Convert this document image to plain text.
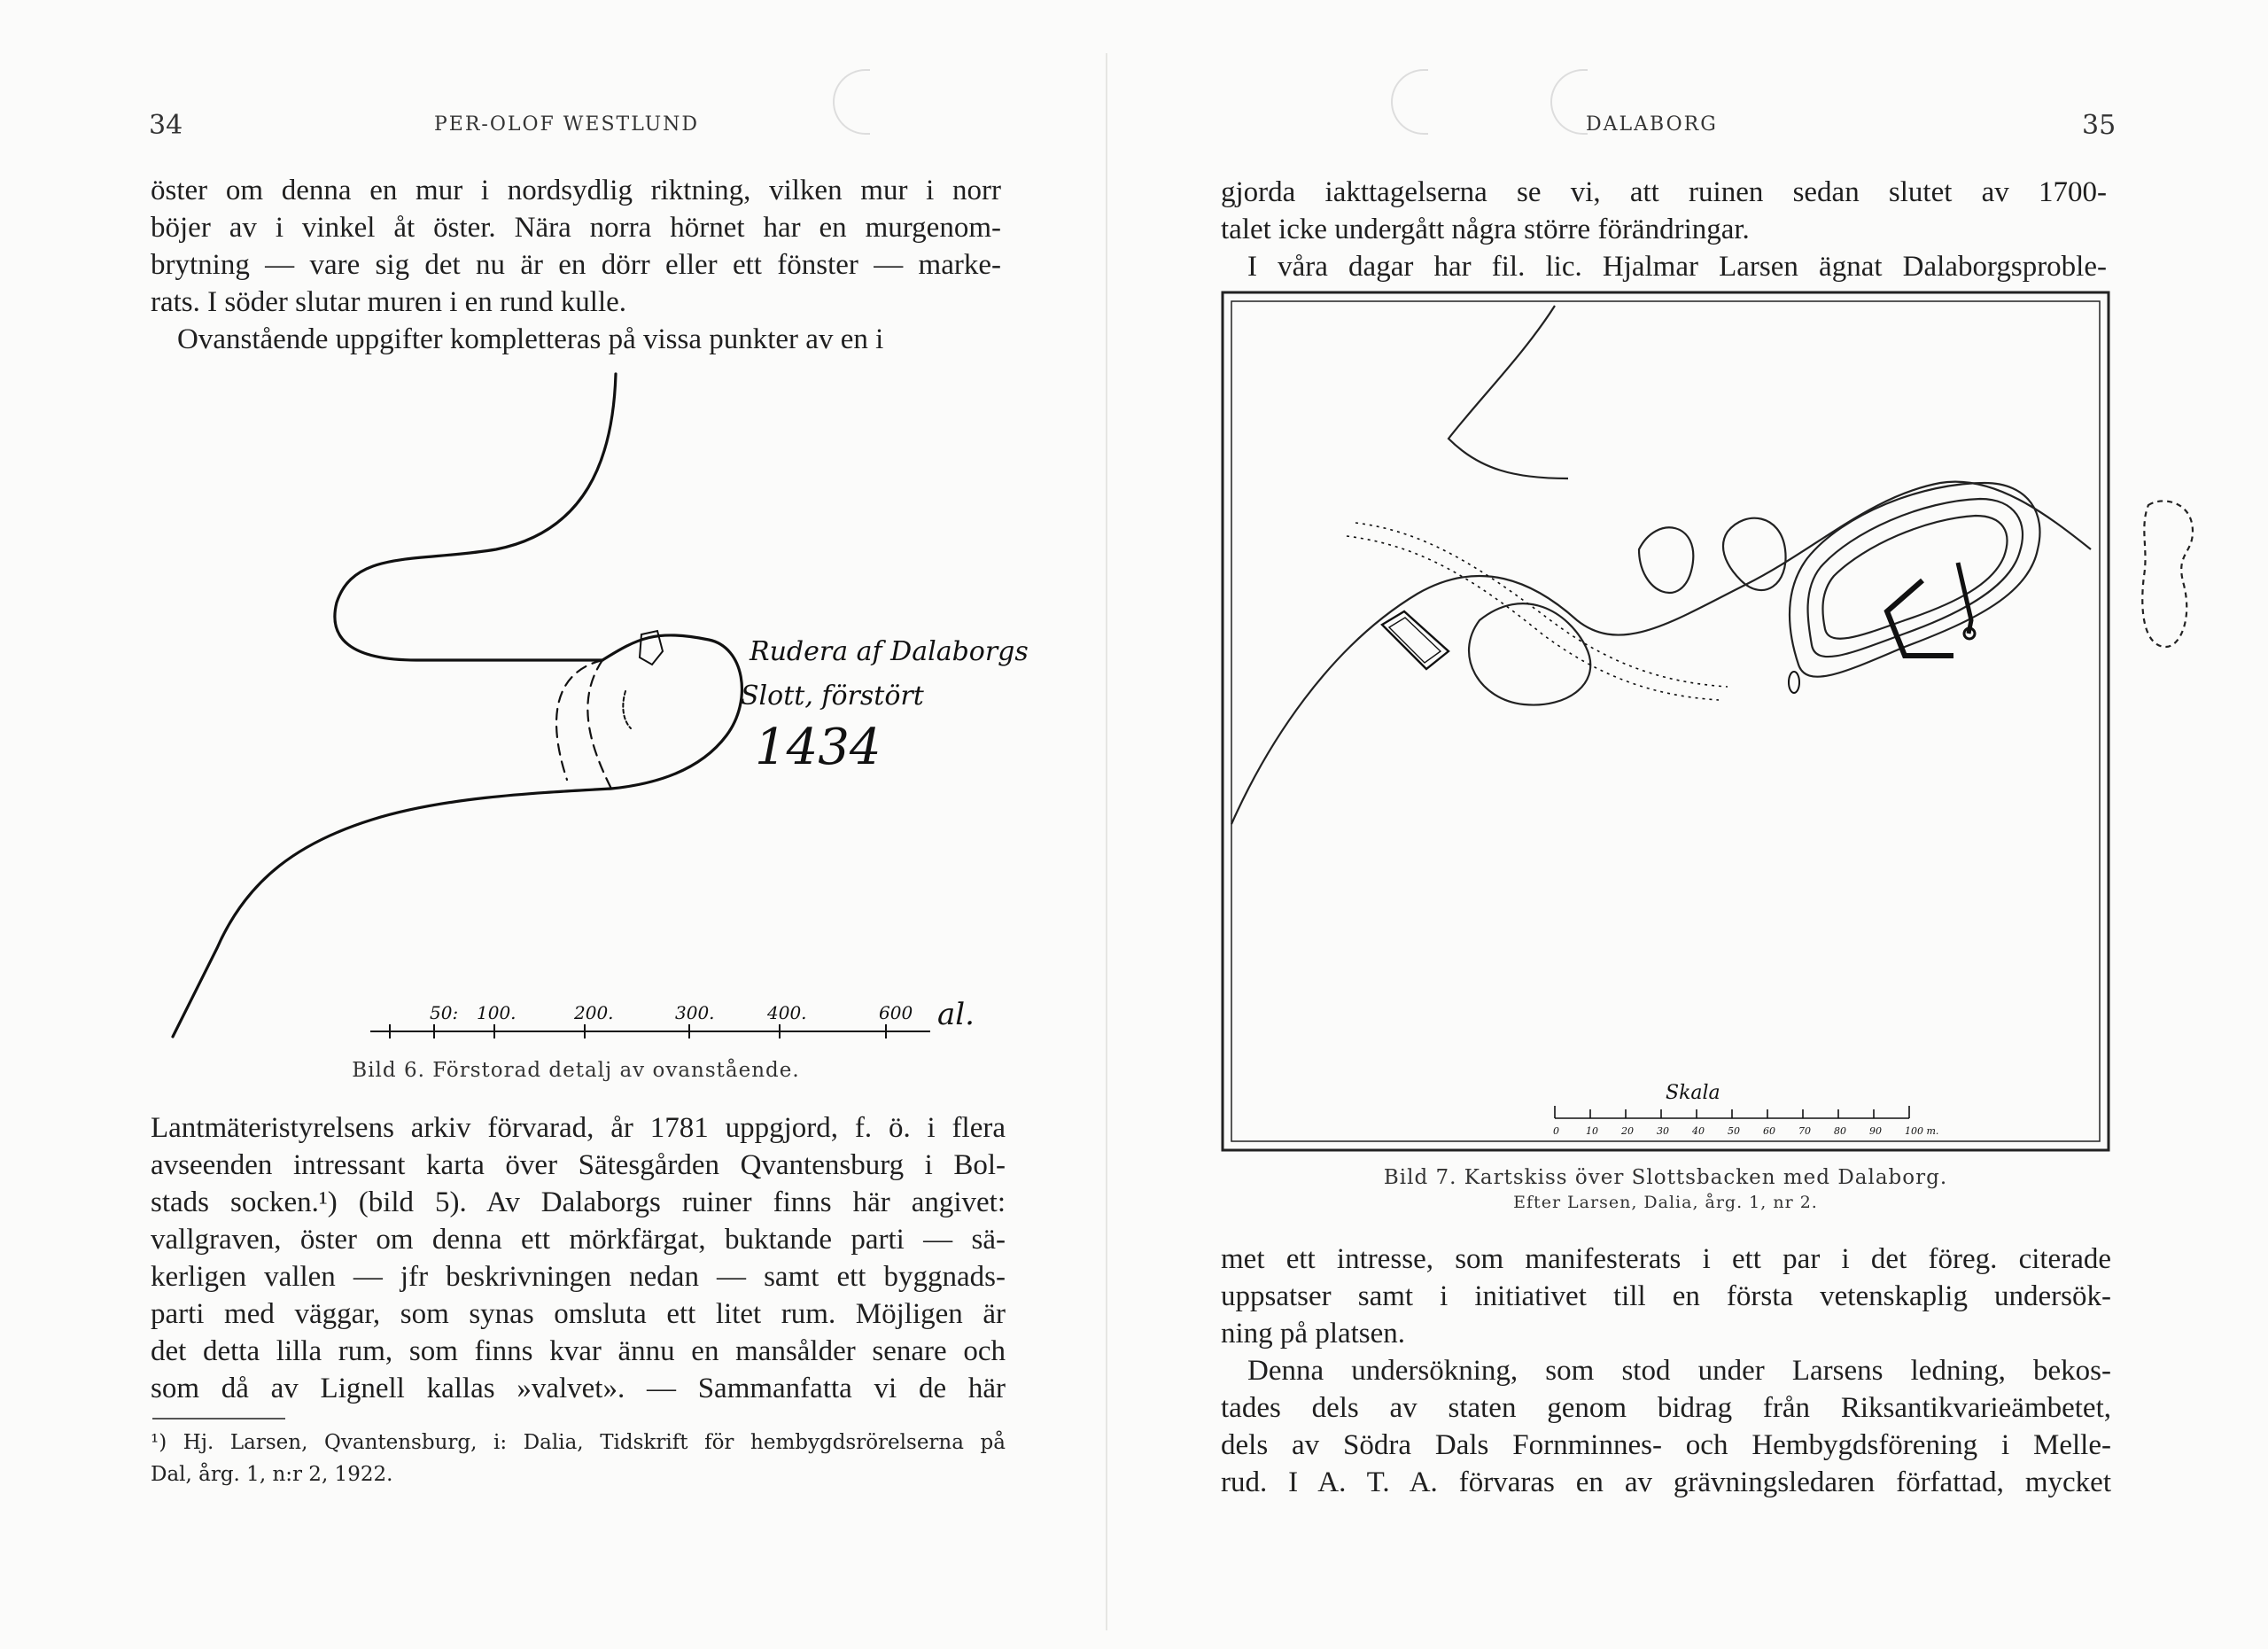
34	PER-OLOF WESTLUND

öster om denna en mur i nordsydlig riktning, vilken mur i norr

böjer av i vinkel åt öster. Nära norra hörnet har en murgenom-

brytning — vare sig det nu är en dörr eller ett fönster — marke-

rats. I söder slutar muren i en rund kulle.

Ovanstående uppgifter kompletteras på vissa punkter av en i

Rudera af Dalaborgs
Slott, förstört
1434
50: 100.	200.	300.	400.	600 al.
Bild 6. Förstorad detalj av ovanstående.

Lantmäteristyrelsens arkiv förvarad, år 1781 uppgjord, f. ö. i flera

avseenden intressant karta över Sätesgården Qvantensburg i Bol-

stads socken.¹) (bild 5). Av Dalaborgs ruiner finns här angivet:

vallgraven, öster om denna ett mörkfärgat, buktande parti — sä-

kerligen vallen — jfr beskrivningen nedan — samt ett byggnads-

parti med väggar, som synas omsluta ett litet rum. Möjligen är

det detta lilla rum, som finns kvar ännu en mansålder senare och

som då av Lignell kallas »valvet». — Sammanfatta vi de här

¹) Hj. Larsen, Qvantensburg, i: Dalia, Tidskrift för hembygdsrörelserna på
Dal, årg. 1, n:r 2, 1922.
DALABORG	35

gjorda iakttagelserna se vi, att ruinen sedan slutet av 1700-

talet icke undergått några större förändringar.

I våra dagar har fil. lic. Hjalmar Larsen ägnat Dalaborgsproble-

Skala
0	10 20 30 40 50 60 70 80 90 100 m.
Bild 7. Kartskiss över Slottsbacken med Dalaborg.
Efter Larsen, Dalia, årg. 1, nr 2.

met ett intresse, som manifesterats i ett par i det föreg. citerade

uppsatser samt i initiativet till en första vetenskaplig undersök-

ning på platsen.

Denna undersökning, som stod under Larsens ledning, bekos-

tades dels av staten genom bidrag från Riksantikvarieämbetet,

dels av Södra Dals Fornminnes- och Hembygdsförening i Melle-

rud. I A. T. A. förvaras en av grävningsledaren författad, mycket
